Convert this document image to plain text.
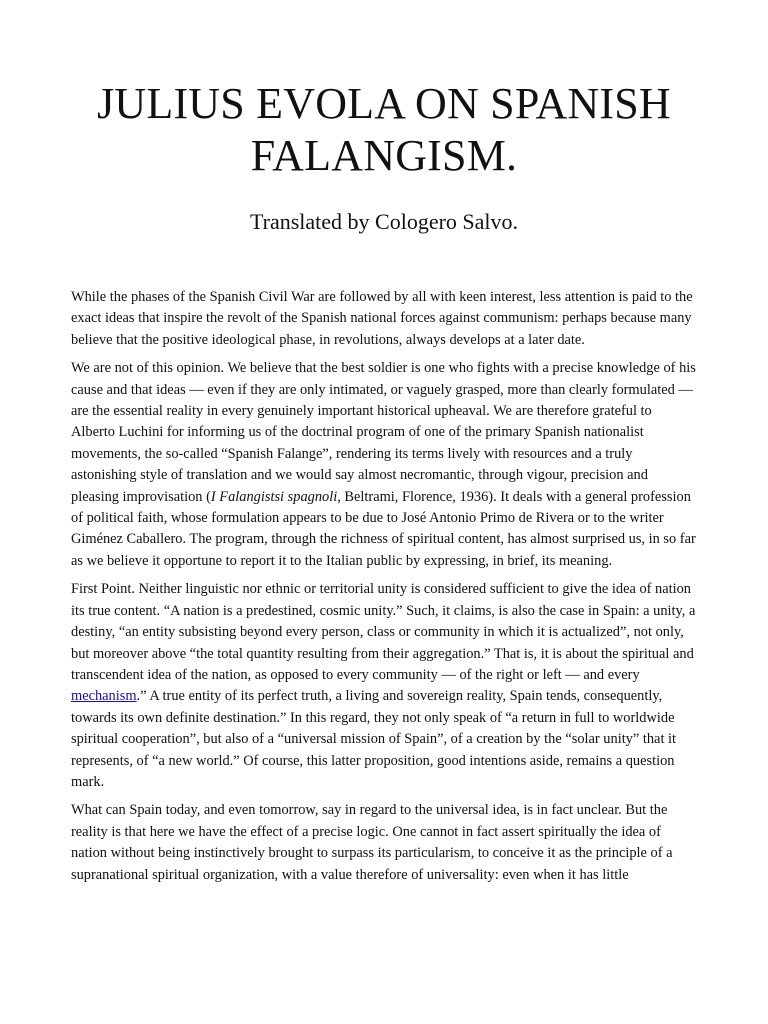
JULIUS EVOLA ON SPANISH
FALANGISM.
Translated by Cologero Salvo.

While the phases of the Spanish Civil War are followed by all with keen interest, less attention is paid to the exact ideas that inspire the revolt of the Spanish national forces against communism: perhaps because many believe that the positive ideological phase, in revolutions, always develops at a later date.

We are not of this opinion. We believe that the best soldier is one who fights with a precise knowledge of his cause and that ideas — even if they are only intimated, or vaguely grasped, more than clearly formulated — are the essential reality in every genuinely important historical upheaval. We are therefore grateful to Alberto Luchini for informing us of the doctrinal program of one of the primary Spanish nationalist movements, the so-called “Spanish Falange”, rendering its terms lively with resources and a truly astonishing style of translation and we would say almost necromantic, through vigour, precision and pleasing improvisation (I Falangistsi spagnoli, Beltrami, Florence, 1936). It deals with a general profession of political faith, whose formulation appears to be due to José Antonio Primo de Rivera or to the writer Giménez Caballero. The program, through the richness of spiritual content, has almost surprised us, in so far as we believe it opportune to report it to the Italian public by expressing, in brief, its meaning.

First Point. Neither linguistic nor ethnic or territorial unity is considered sufficient to give the idea of nation its true content. “A nation is a predestined, cosmic unity.” Such, it claims, is also the case in Spain: a unity, a destiny, “an entity subsisting beyond every person, class or community in which it is actualized”, not only, but moreover above “the total quantity resulting from their aggregation.” That is, it is about the spiritual and transcendent idea of the nation, as opposed to every community — of the right or left — and every mechanism.” A true entity of its perfect truth, a living and sovereign reality, Spain tends, consequently, towards its own definite destination.” In this regard, they not only speak of “a return in full to worldwide spiritual cooperation”, but also of a “universal mission of Spain”, of a creation by the “solar unity” that it represents, of “a new world.” Of course, this latter proposition, good intentions aside, remains a question mark.

What can Spain today, and even tomorrow, say in regard to the universal idea, is in fact unclear. But the reality is that here we have the effect of a precise logic. One cannot in fact assert spiritually the idea of nation without being instinctively brought to surpass its particularism, to conceive it as the principle of a supranational spiritual organization, with a value therefore of universality: even when it has little
